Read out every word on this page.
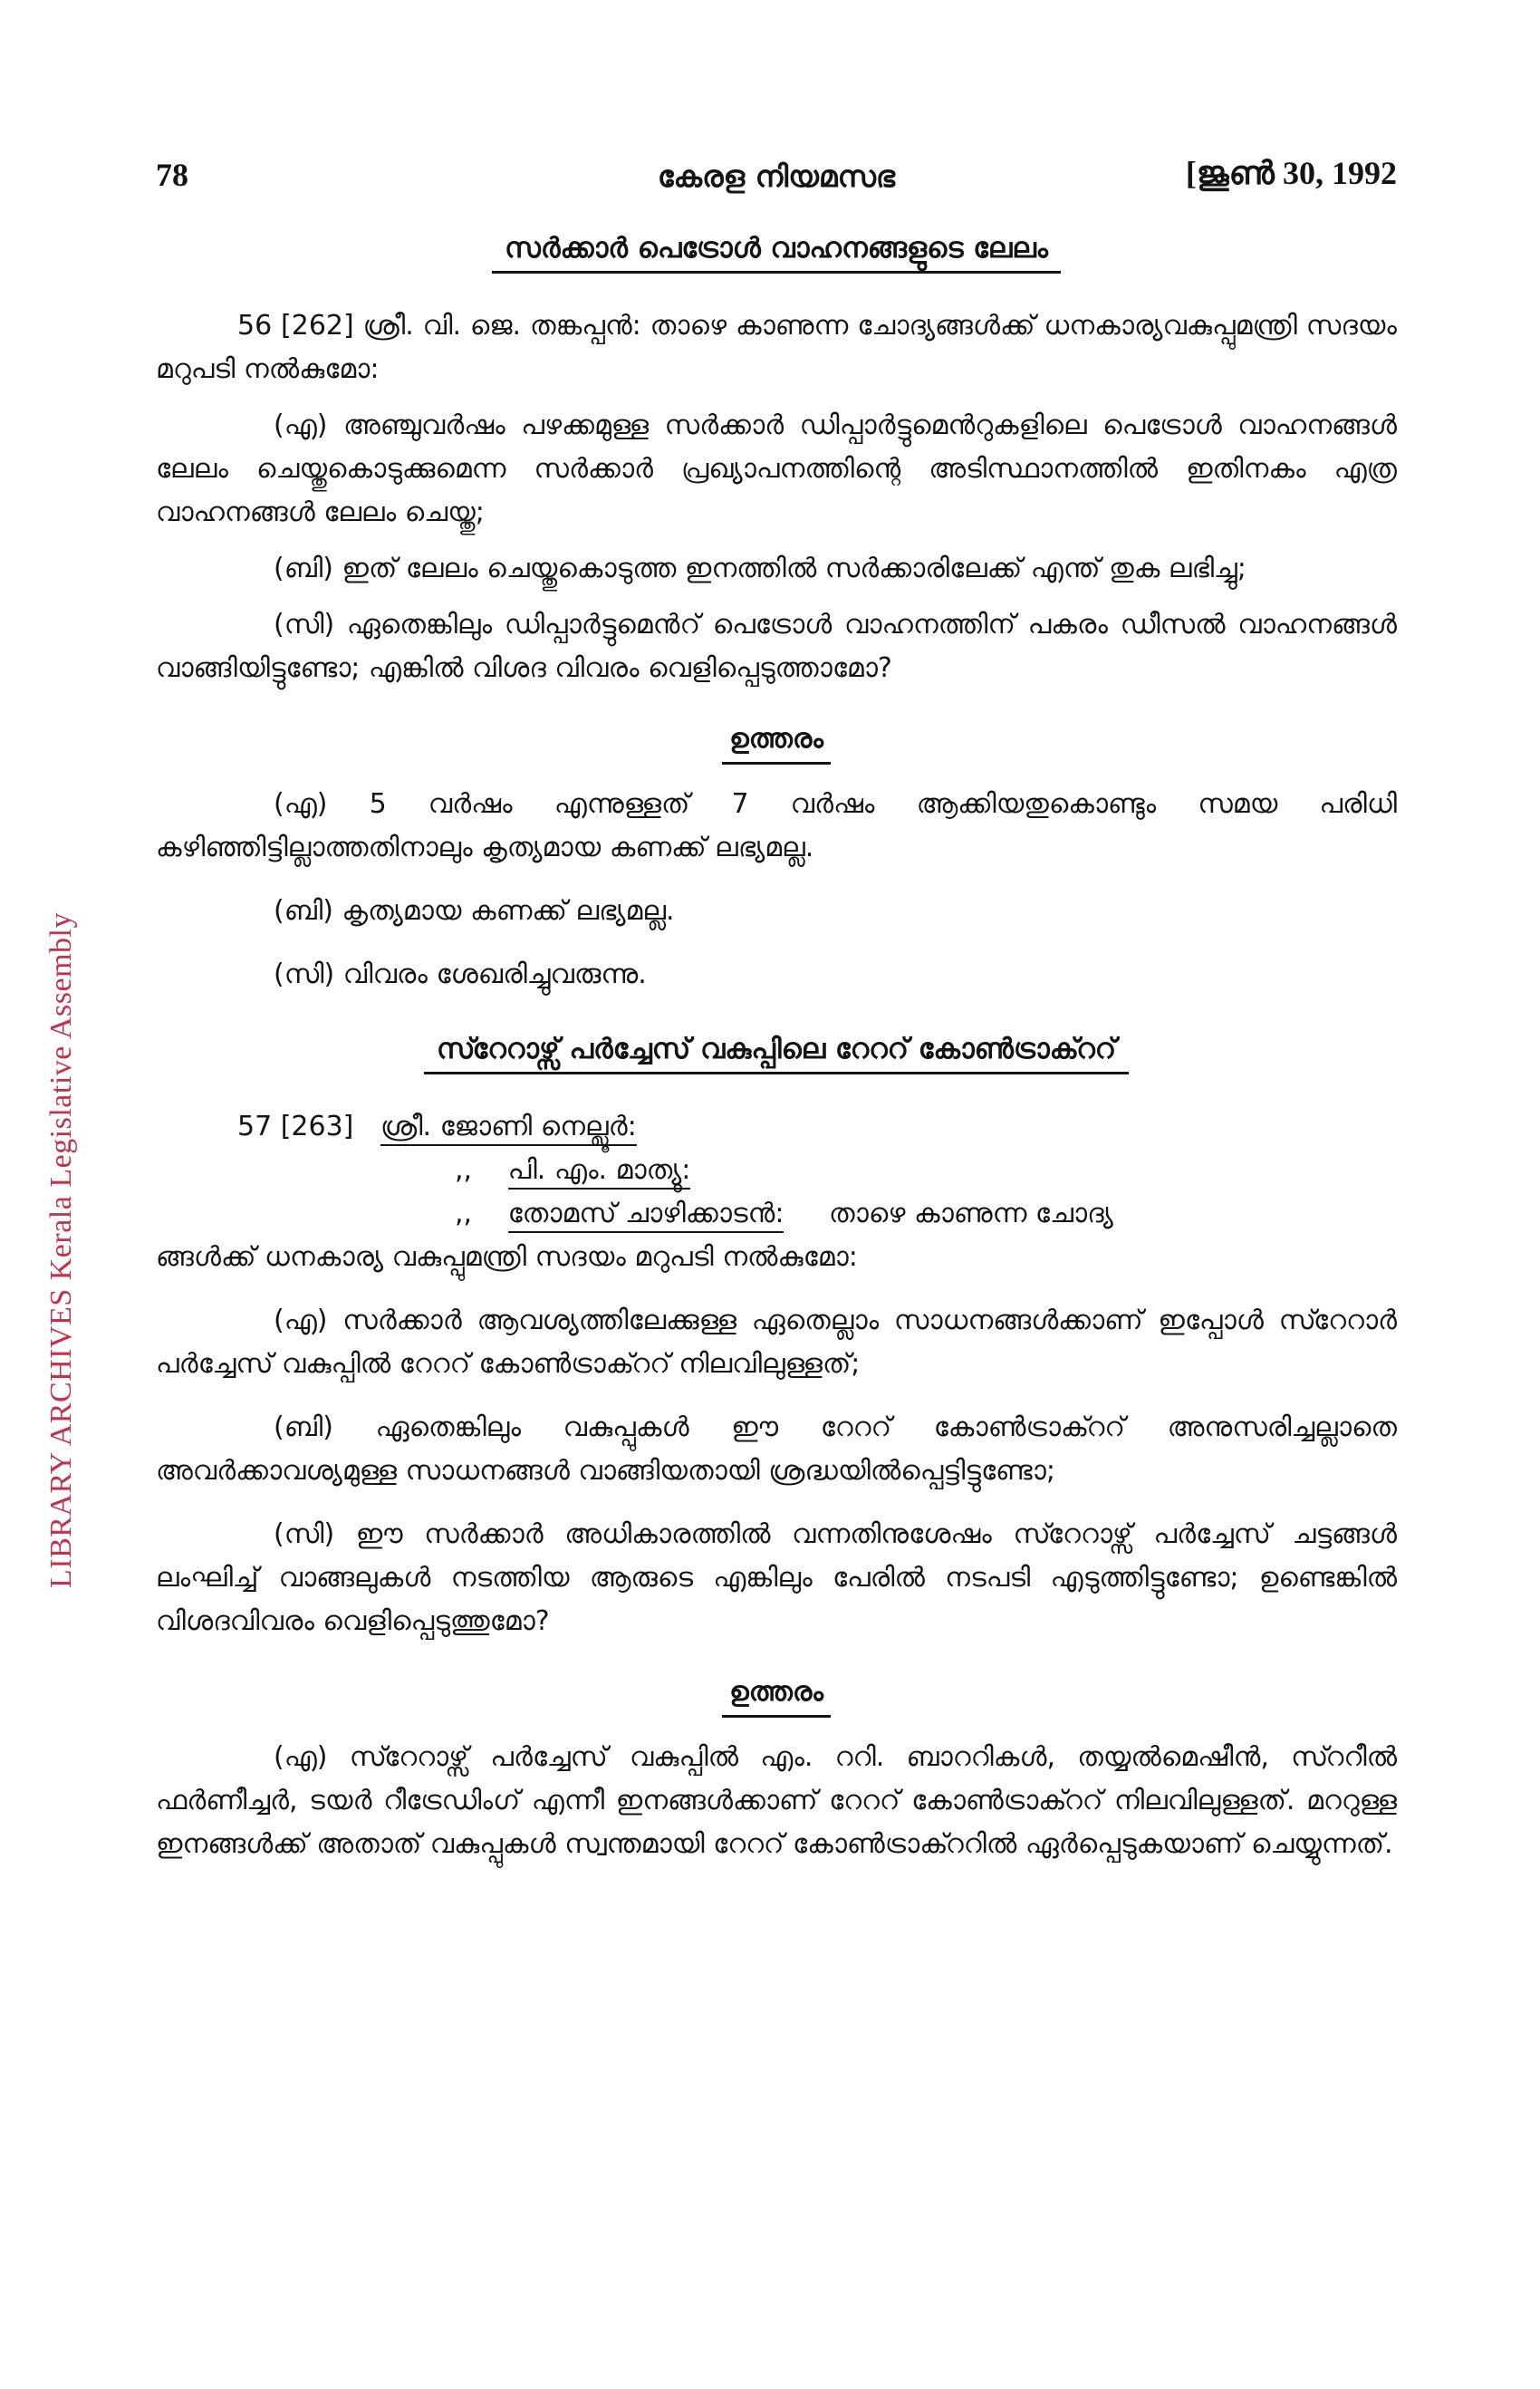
LIBRARY ARCHIVES Kerala Legislative Assembly
78	കേരള നിയമസഭ	[ജൂൺ 30, 1992
സർക്കാർ പെട്രോൾ വാഹനങ്ങളുടെ ലേലം

56 [262] ശ്രീ. വി. ജെ. തങ്കപ്പൻ: താഴെ കാണുന്ന ചോദ്യങ്ങൾക്ക് ധനകാര്യവകുപ്പുമന്ത്രി സദയം മറുപടി നൽകുമോ:

(എ) അഞ്ചുവർഷം പഴക്കമുള്ള സർക്കാർ ഡിപ്പാർട്ടുമെൻറുകളിലെ പെട്രോൾ വാഹനങ്ങൾ ലേലം ചെയ്തുകൊടുക്കുമെന്ന സർക്കാർ പ്രഖ്യാപനത്തിന്റെ അടിസ്ഥാനത്തിൽ ഇതിനകം എത്ര വാഹനങ്ങൾ ലേലം ചെയ്തു;

(ബി) ഇത് ലേലം ചെയ്തുകൊടുത്ത ഇനത്തിൽ സർക്കാരിലേക്ക് എന്ത് തുക ലഭിച്ചു;

(സി) ഏതെങ്കിലും ഡിപ്പാർട്ടുമെൻറ് പെട്രോൾ വാഹനത്തിന് പകരം ഡീസൽ വാഹനങ്ങൾ വാങ്ങിയിട്ടുണ്ടോ; എങ്കിൽ വിശദ വിവരം വെളിപ്പെടുത്താമോ?

ഉത്തരം

(എ) 5 വർഷം എന്നുള്ളത് 7 വർഷം ആക്കിയതുകൊണ്ടും സമയ പരിധി കഴിഞ്ഞിട്ടില്ലാത്തതിനാലും കൃത്യമായ കണക്ക് ലഭ്യമല്ല.

(ബി) കൃത്യമായ കണക്ക് ലഭ്യമല്ല.

(സി) വിവരം ശേഖരിച്ചുവരുന്നു.

സ്റേറാഴ്സ് പർച്ചേസ് വകുപ്പിലെ റേററ് കോൺട്രാക്ററ്

57 [263] ശ്രീ. ജോണി നെല്ലൂർ:

,, പി. എം. മാത്യു:

,, തോമസ് ചാഴിക്കാടൻ: താഴെ കാണുന്ന ചോദ്യ

ങ്ങൾക്ക് ധനകാര്യ വകുപ്പുമന്ത്രി സദയം മറുപടി നൽകുമോ:

(എ) സർക്കാർ ആവശ്യത്തിലേക്കുള്ള ഏതെല്ലാം സാധനങ്ങൾക്കാണ് ഇപ്പോൾ സ്റേറാർ പർച്ചേസ് വകുപ്പിൽ റേററ് കോൺട്രാക്ററ് നിലവിലുള്ളത്;

(ബി) ഏതെങ്കിലും വകുപ്പുകൾ ഈ റേററ് കോൺട്രാക്ററ് അനുസരിച്ചല്ലാതെ അവർക്കാവശ്യമുള്ള സാധനങ്ങൾ വാങ്ങിയതായി ശ്രദ്ധയിൽപ്പെട്ടിട്ടുണ്ടോ;

(സി) ഈ സർക്കാർ അധികാരത്തിൽ വന്നതിനുശേഷം സ്റേറാഴ്സ് പർച്ചേസ് ചട്ടങ്ങൾ ലംഘിച്ച് വാങ്ങലുകൾ നടത്തിയ ആരുടെ എങ്കിലും പേരിൽ നടപടി എടുത്തിട്ടുണ്ടോ; ഉണ്ടെങ്കിൽ വിശദവിവരം വെളിപ്പെടുത്തുമോ?

ഉത്തരം

(എ) സ്റേറാഴ്സ് പർച്ചേസ് വകുപ്പിൽ എം. ററി. ബാററികൾ, തയ്യൽമെഷീൻ, സ്ററീൽ ഫർണീച്ചർ, ടയർ റീട്രേഡിംഗ് എന്നീ ഇനങ്ങൾക്കാണ് റേററ് കോൺട്രാക്ററ് നിലവിലുള്ളത്. മററുള്ള ഇനങ്ങൾക്ക് അതാത് വകുപ്പുകൾ സ്വന്തമായി റേററ് കോൺട്രാക്ററിൽ ഏർപ്പെടുകയാണ് ചെയ്യുന്നത്.
